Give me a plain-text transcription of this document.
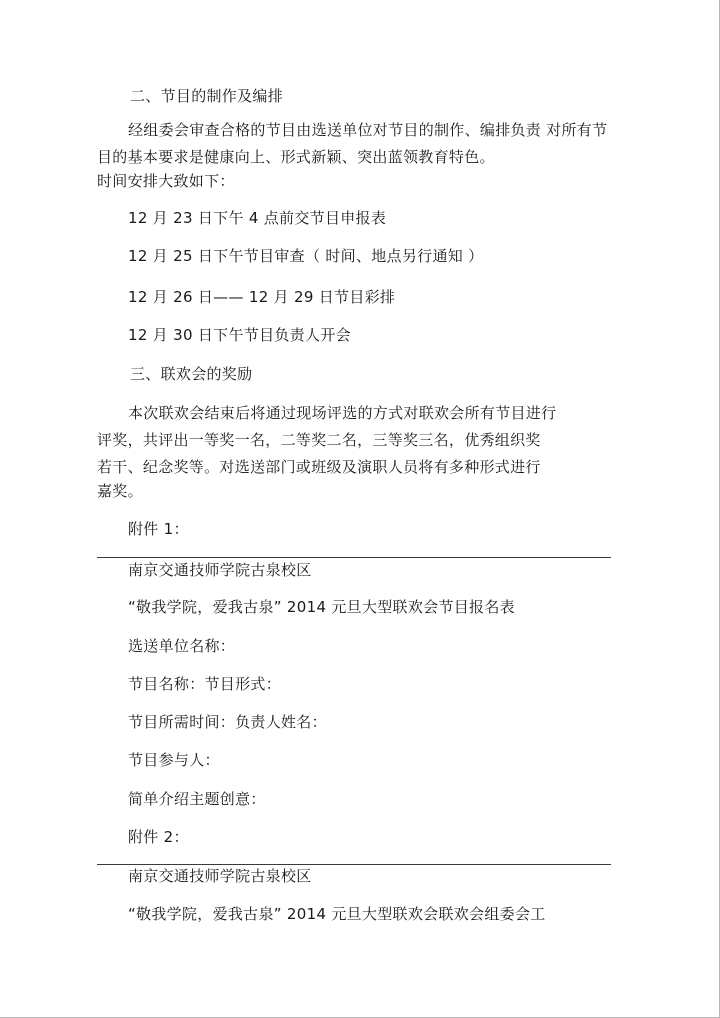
二、节目的制作及编排
经组委会审查合格的节目由选送单位对节目的制作、编排负责 对所有节
目的基本要求是健康向上、形式新颖、突出蓝领教育特色。
时间安排大致如下：
12 月 23 日下午 4 点前交节目申报表
12 月 25 日下午节目审查（ 时间、地点另行通知 ）
12 月 26 日—— 12 月 29 日节目彩排
12 月 30 日下午节目负责人开会
三、联欢会的奖励
本次联欢会结束后将通过现场评选的方式对联欢会所有节目进行
评奖，共评出一等奖一名，二等奖二名，三等奖三名，优秀组织奖
若干、纪念奖等。对选送部门或班级及演职人员将有多种形式进行
嘉奖。
附件 1：
南京交通技师学院古泉校区
“敬我学院，爱我古泉” 2014 元旦大型联欢会节目报名表
选送单位名称：
节目名称：节目形式：
节目所需时间：负责人姓名：
节目参与人：
简单介绍主题创意：
附件 2：
南京交通技师学院古泉校区
“敬我学院，爱我古泉” 2014 元旦大型联欢会联欢会组委会工
